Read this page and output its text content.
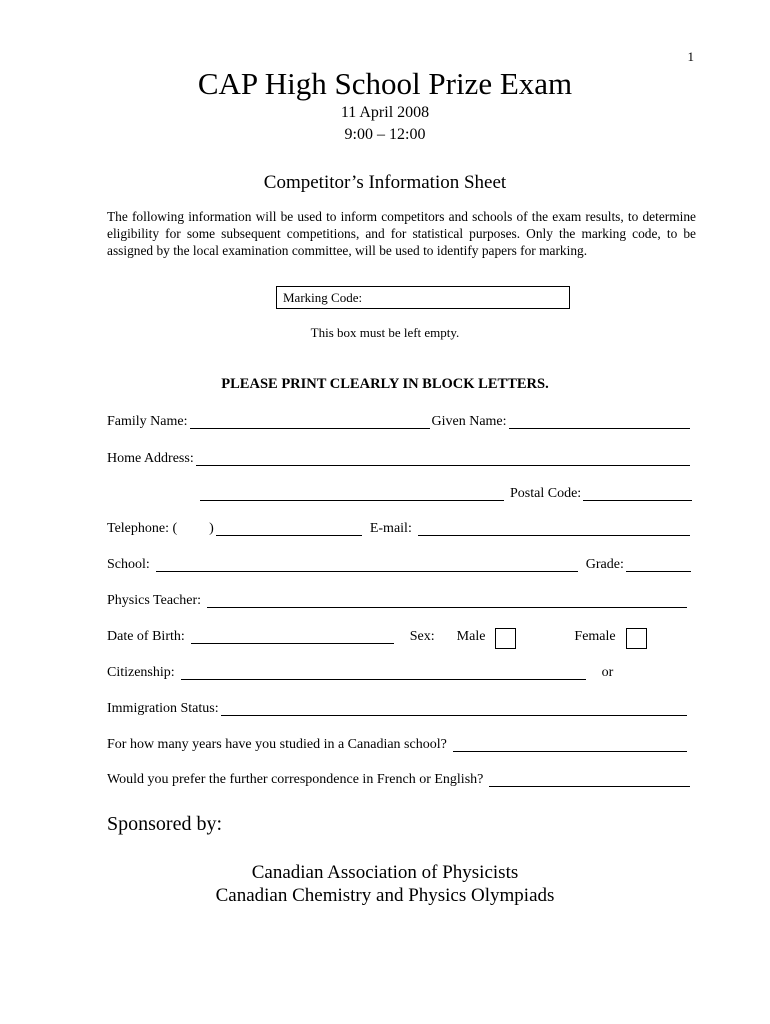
1
CAP High School Prize Exam
11 April 2008
9:00 – 12:00
Competitor’s Information Sheet
The following information will be used to inform competitors and schools of the exam results, to determine eligibility for some subsequent competitions, and for statistical purposes. Only the marking code, to be assigned by the local examination committee, will be used to identify papers for marking.
Marking Code:
This box must be left empty.
PLEASE PRINT CLEARLY IN BLOCK LETTERS.
Family Name:	Given Name:
Home Address:
Postal Code:
Telephone: ( )	E-mail:
School:	Grade:
Physics Teacher:
Date of Birth:	Sex: Male	Female
Citizenship:	or
Immigration Status:
For how many years have you studied in a Canadian school?
Would you prefer the further correspondence in French or English?
Sponsored by:
Canadian Association of Physicists
Canadian Chemistry and Physics Olympiads
